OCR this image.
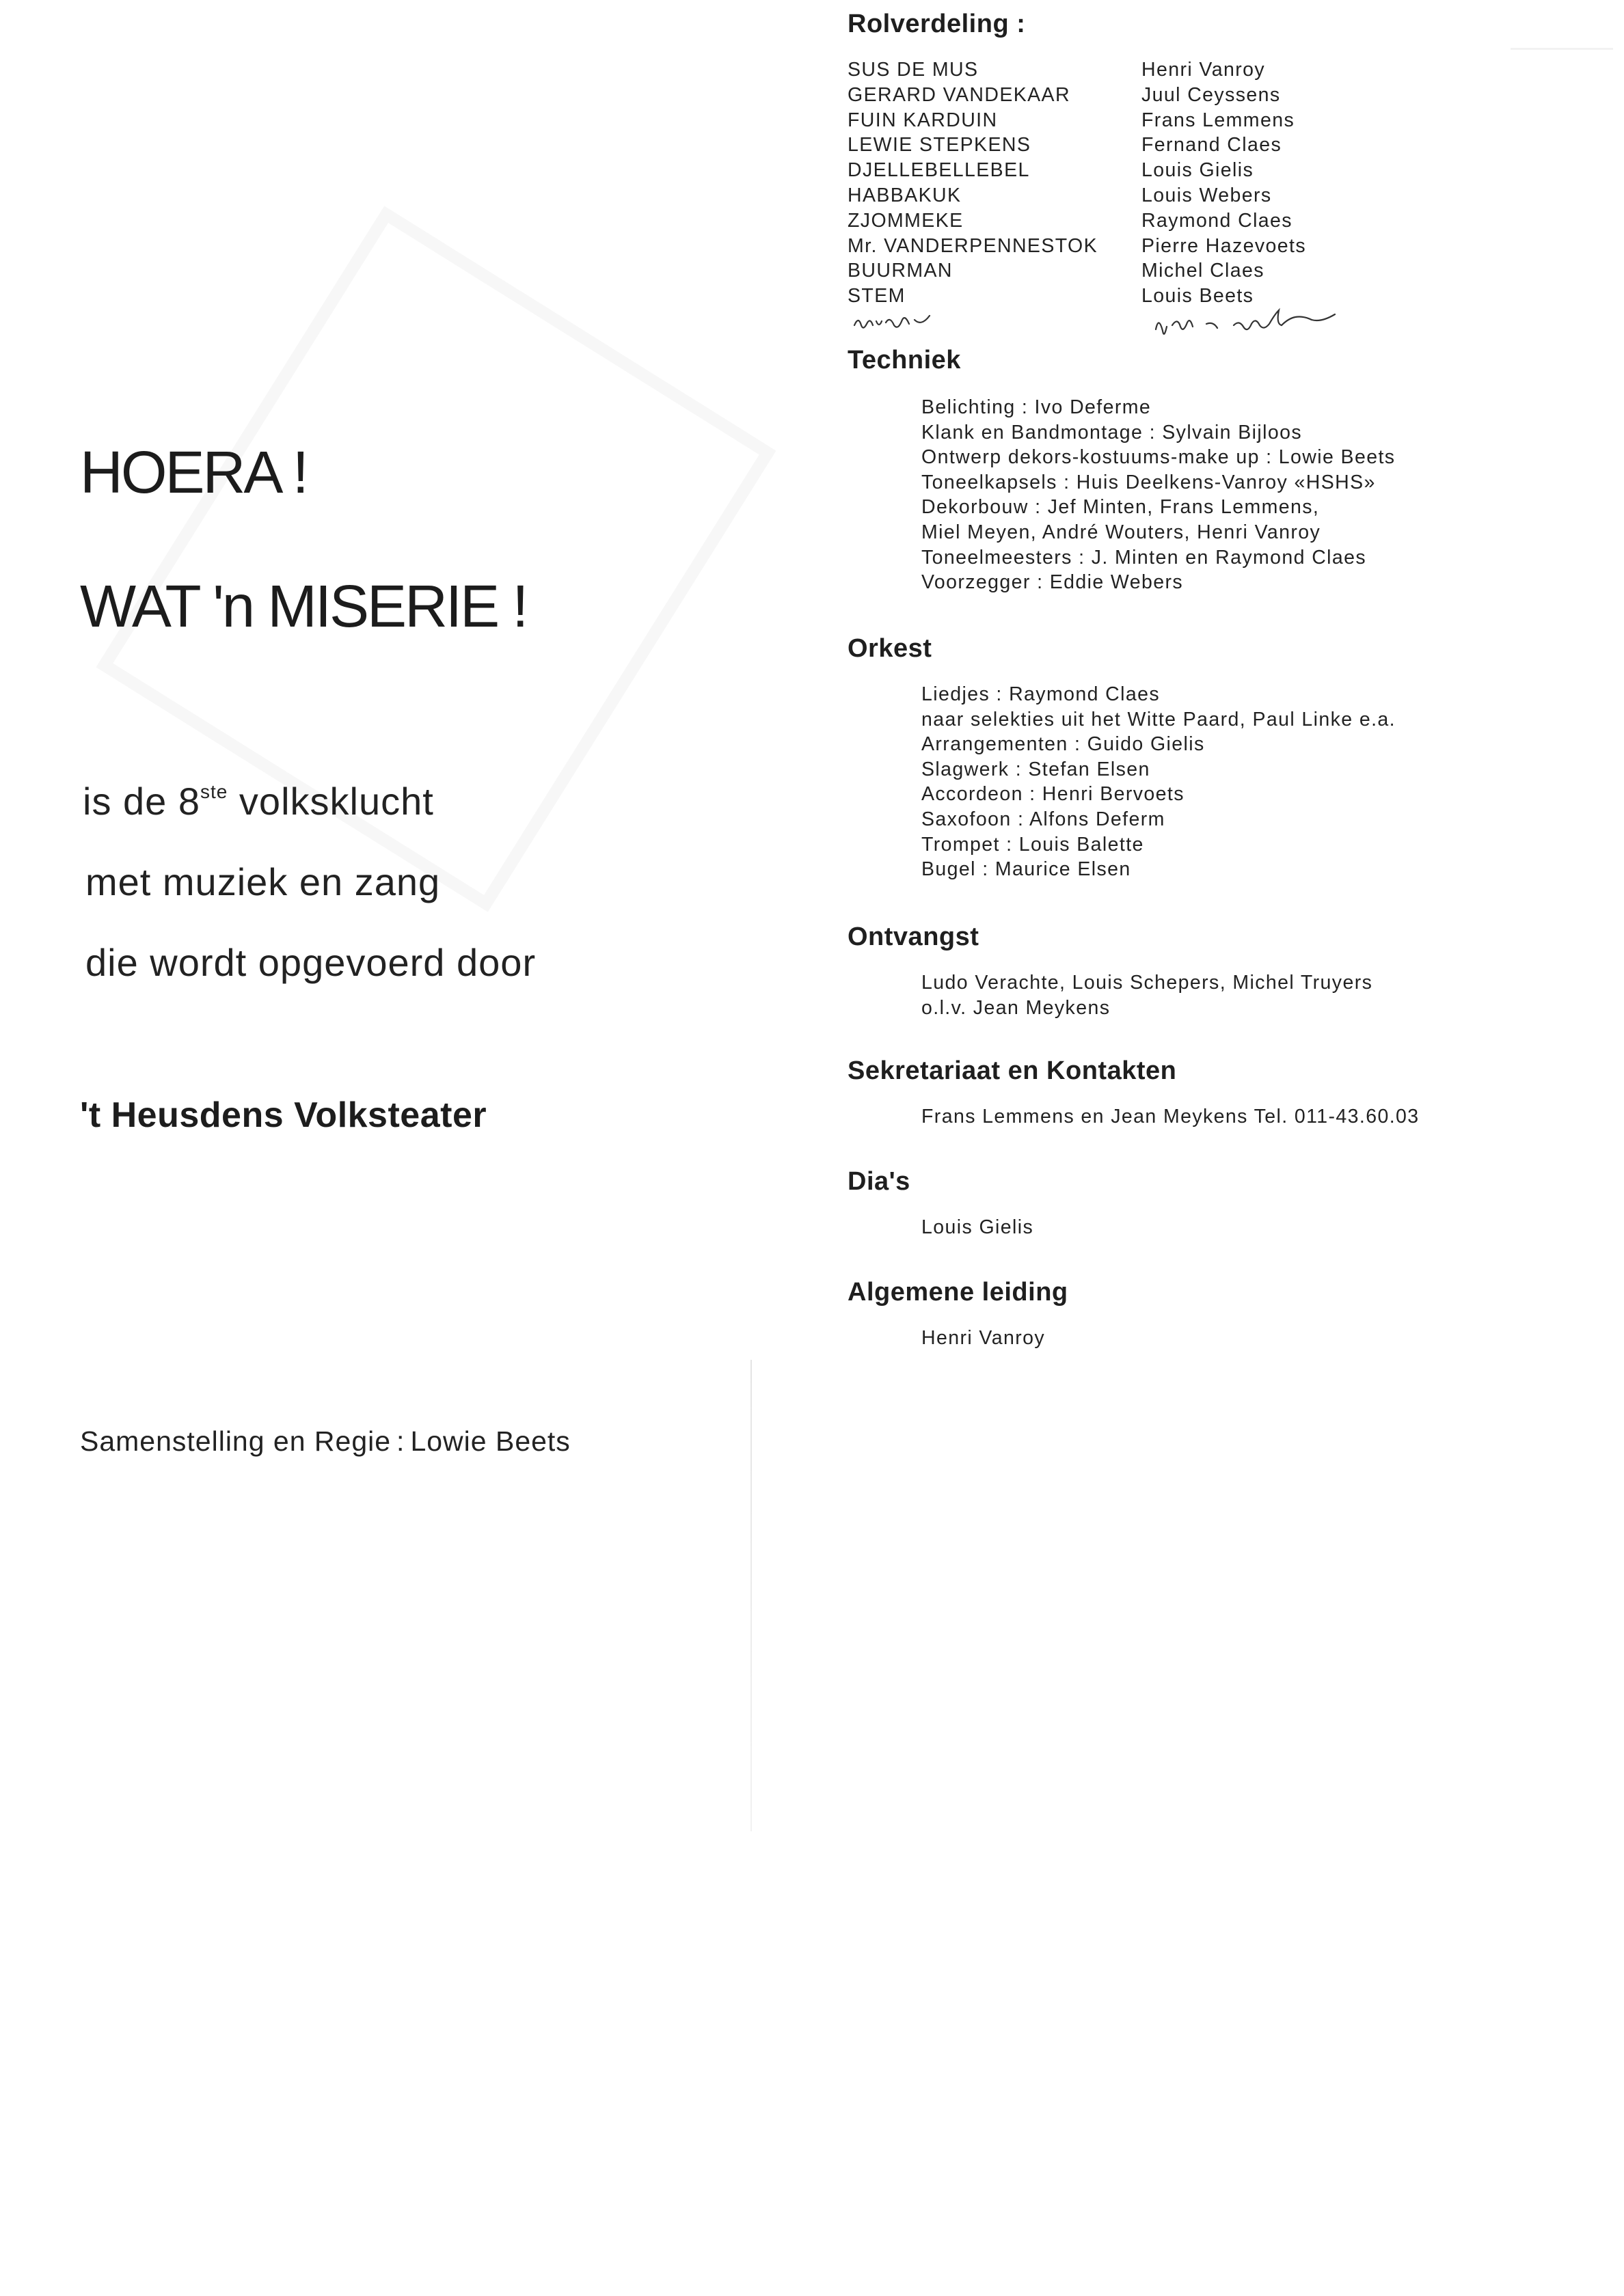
HOERA !
WAT 'n MISERIE !

is de 8ste volksklucht

met muziek en zang

die wordt opgevoerd door

't Heusdens Volksteater

Samenstelling en Regie : Lowie Beets

Rolverdeling :
SUS DE MUS	Henri Vanroy
GERARD VANDEKAAR	Juul Ceyssens
FUIN KARDUIN	Frans Lemmens
LEWIE STEPKENS	Fernand Claes
DJELLEBELLEBEL	Louis Gielis
HABBAKUK	Louis Webers
ZJOMMEKE	Raymond Claes
Mr. VANDERPENNESTOK Pierre Hazevoets
BUURMAN	Michel Claes
STEM	Louis Beets
Techniek
Belichting : Ivo Deferme
Klank en Bandmontage : Sylvain Bijloos
Ontwerp dekors-kostuums-make up : Lowie Beets
Toneelkapsels : Huis Deelkens-Vanroy «HSHS»
Dekorbouw : Jef Minten, Frans Lemmens,
Miel Meyen, André Wouters, Henri Vanroy
Toneelmeesters : J. Minten en Raymond Claes
Voorzegger : Eddie Webers
Orkest
Liedjes : Raymond Claes
naar selekties uit het Witte Paard, Paul Linke e.a.
Arrangementen : Guido Gielis
Slagwerk : Stefan Elsen
Accordeon : Henri Bervoets
Saxofoon : Alfons Deferm
Trompet : Louis Balette
Bugel : Maurice Elsen
Ontvangst
Ludo Verachte, Louis Schepers, Michel Truyers
o.l.v. Jean Meykens
Sekretariaat en Kontakten
Frans Lemmens en Jean Meykens Tel. 011-43.60.03
Dia's
Louis Gielis
Algemene leiding
Henri Vanroy
